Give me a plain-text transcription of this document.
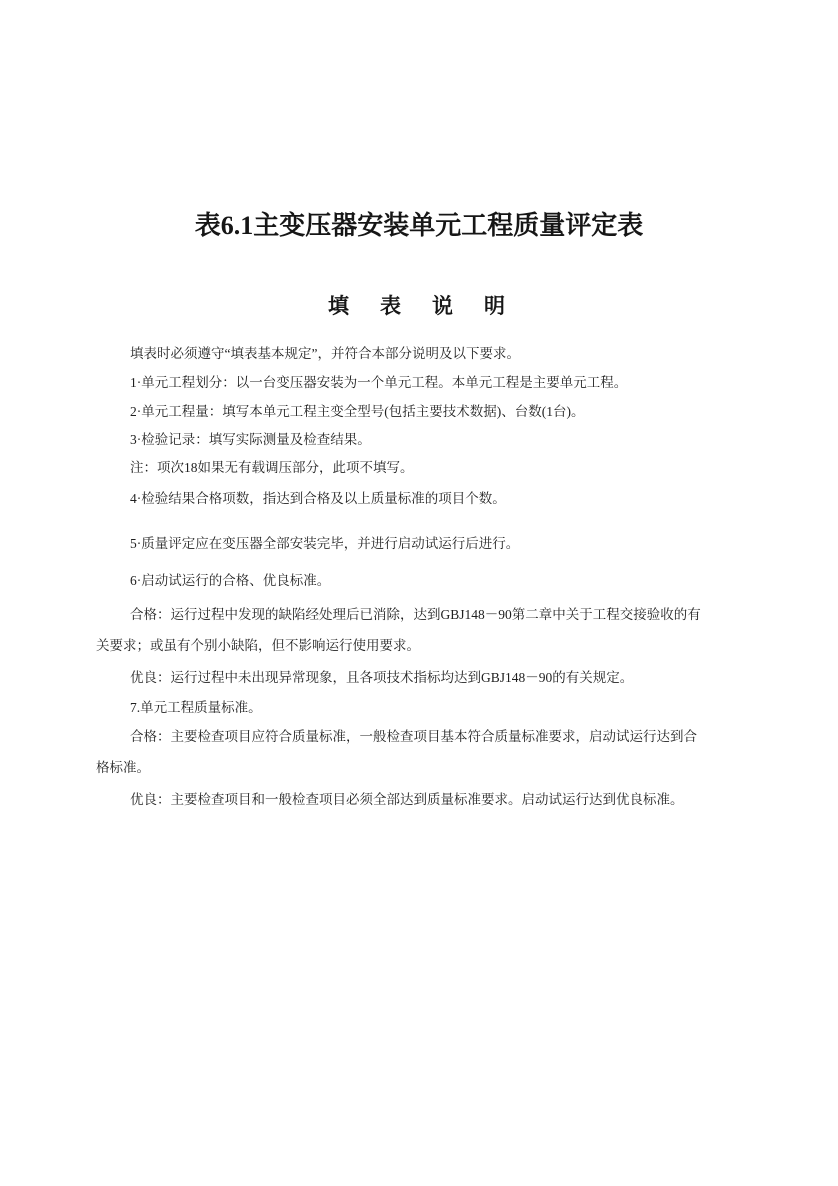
表6.1主变压器安装单元工程质量评定表
填　表　说　明
填表时必须遵守“填表基本规定”，并符合本部分说明及以下要求。
1·单元工程划分：以一台变压器安装为一个单元工程。本单元工程是主要单元工程。
2·单元工程量：填写本单元工程主变全型号(包括主要技术数据)、台数(1台)。
3·检验记录：填写实际测量及检查结果。
注：项次18如果无有载调压部分，此项不填写。
4·检验结果合格项数，指达到合格及以上质量标准的项目个数。
5·质量评定应在变压器全部安装完毕，并进行启动试运行后进行。
6·启动试运行的合格、优良标准。
合格：运行过程中发现的缺陷经处理后已消除，达到GBJ148－90第二章中关于工程交接验收的有
关要求；或虽有个别小缺陷，但不影响运行使用要求。
优良：运行过程中未出现异常现象，且各项技术指标均达到GBJ148－90的有关规定。
7.单元工程质量标准。
合格：主要检查项目应符合质量标准，一般检查项目基本符合质量标准要求，启动试运行达到合
格标准。
优良：主要检查项目和一般检查项目必须全部达到质量标准要求。启动试运行达到优良标准。
